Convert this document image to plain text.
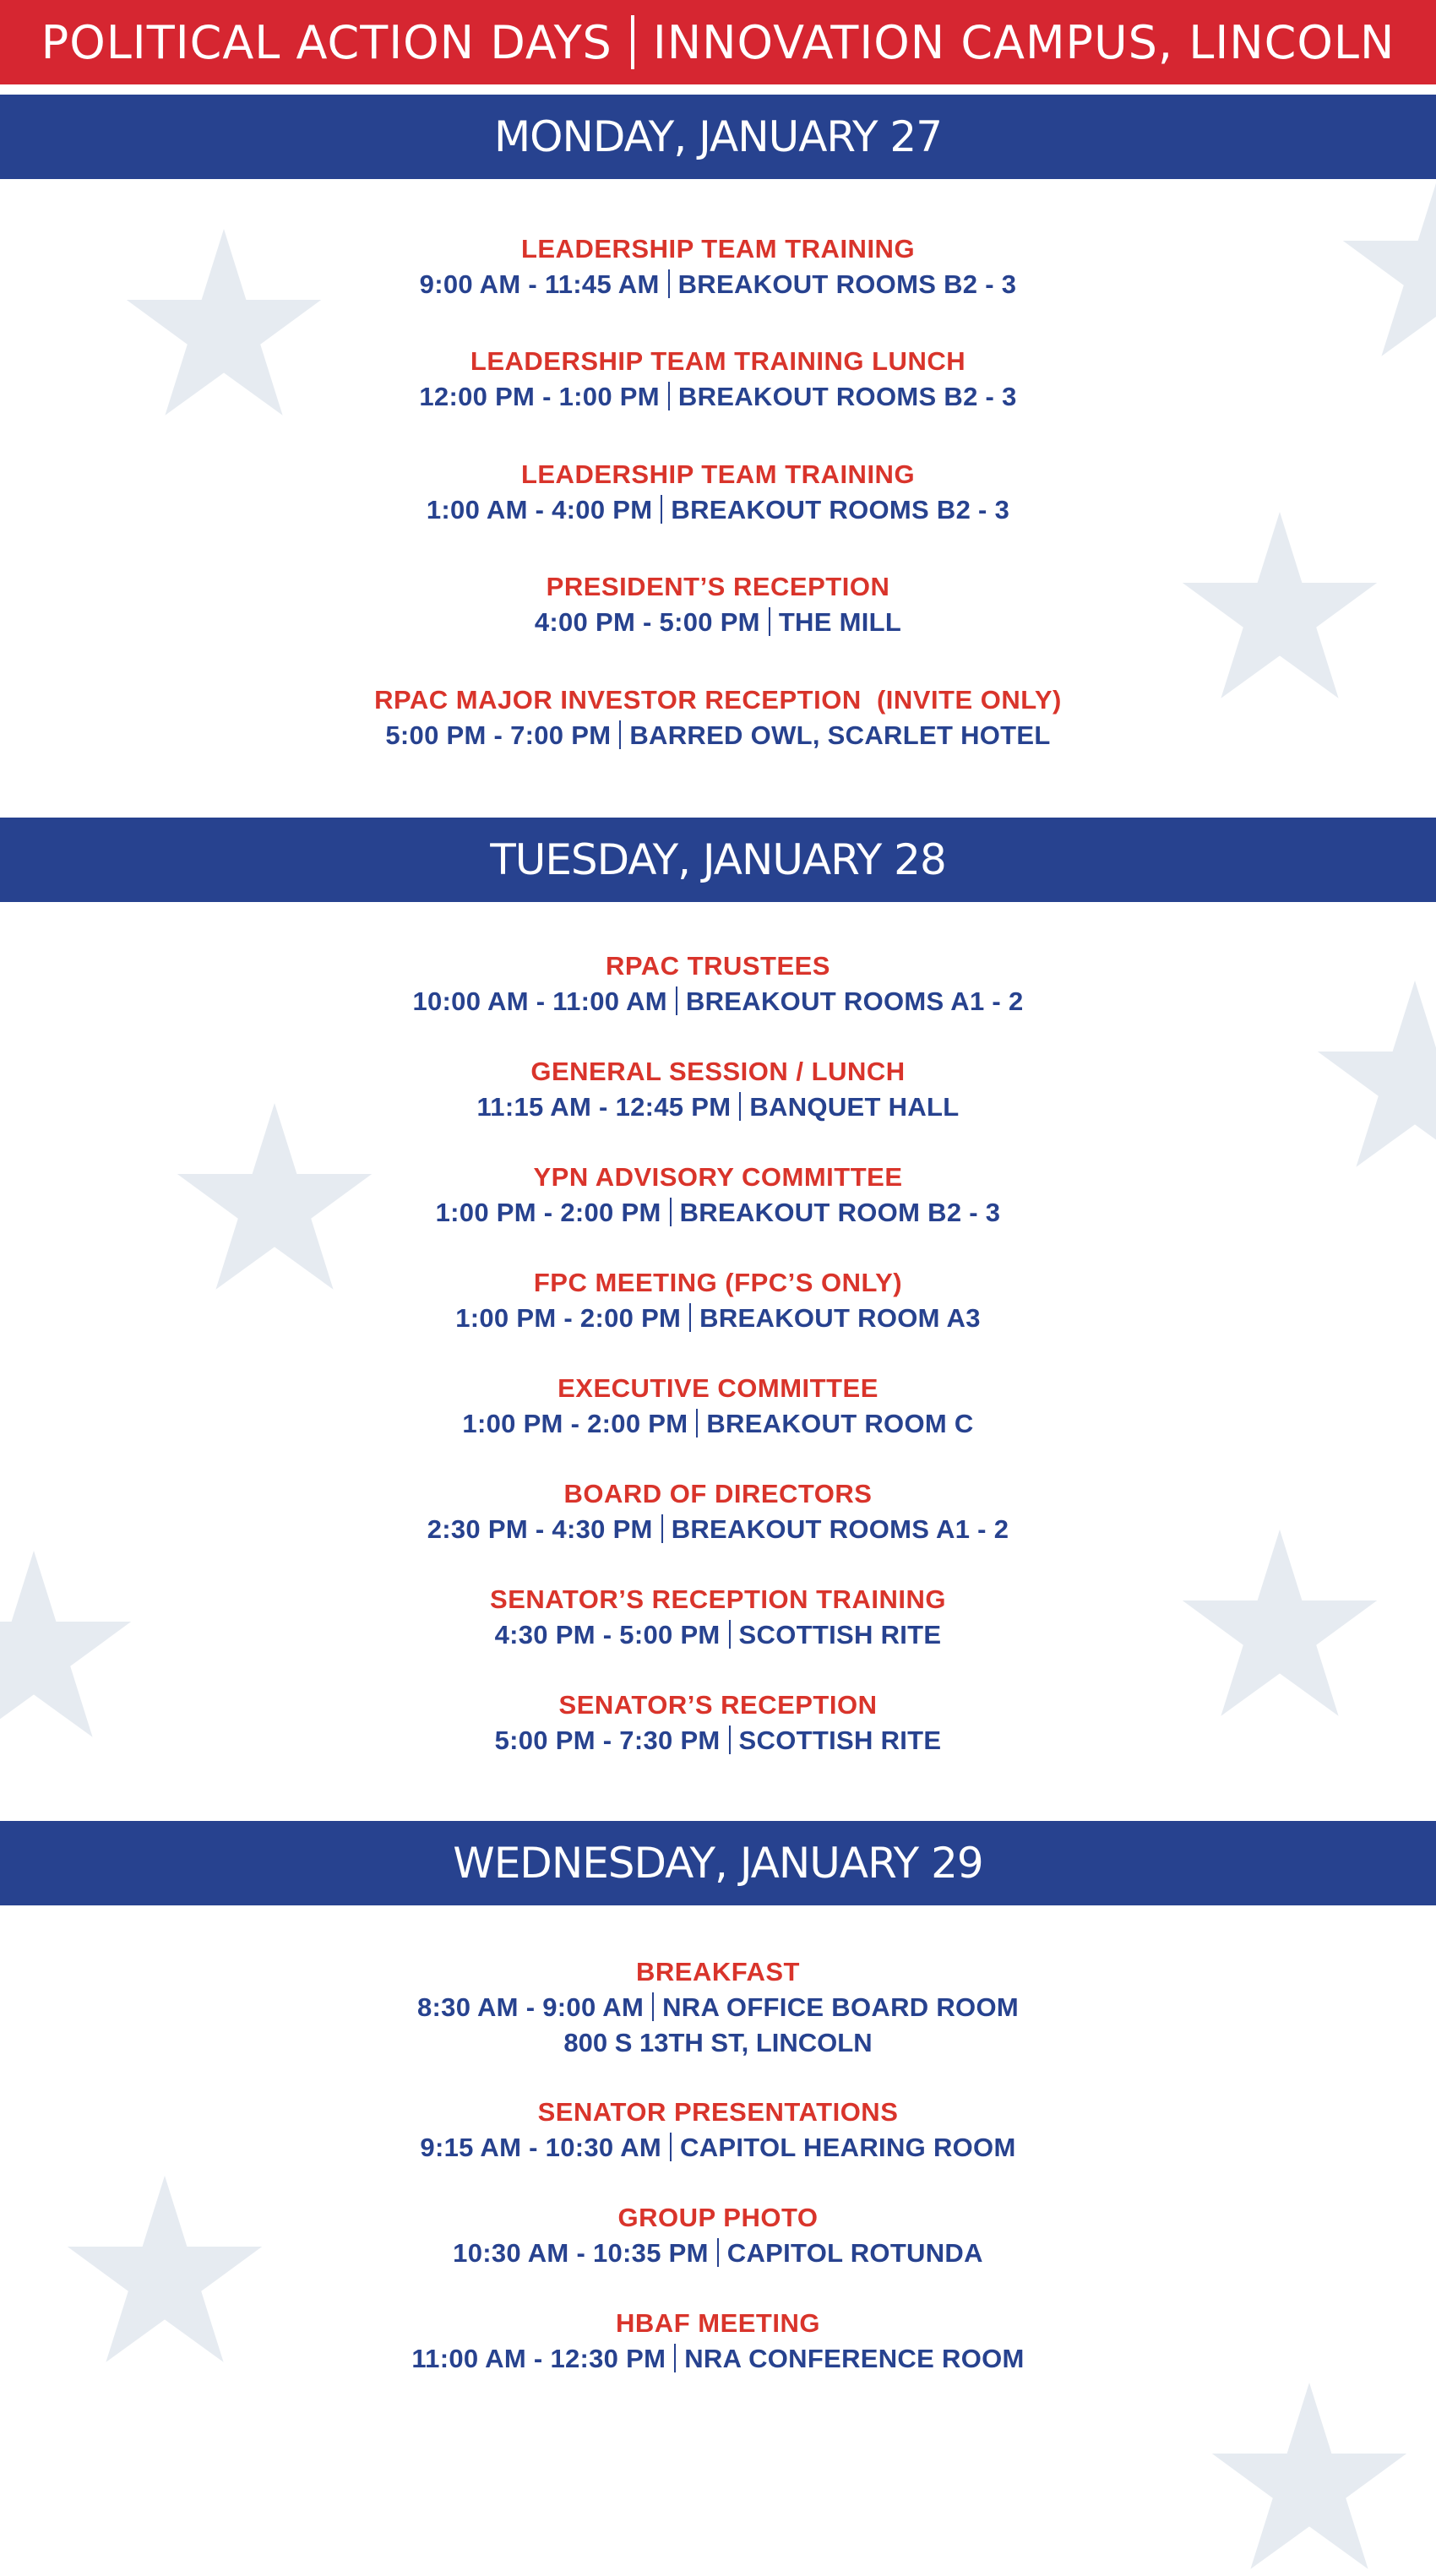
POLITICAL ACTION DAYS INNOVATION CAMPUS, LINCOLN
MONDAY, JANUARY 27
LEADERSHIP TEAM TRAINING
9:00 AM - 11:45 AM BREAKOUT ROOMS B2 - 3
LEADERSHIP TEAM TRAINING LUNCH
12:00 PM - 1:00 PM BREAKOUT ROOMS B2 - 3
LEADERSHIP TEAM TRAINING
1:00 AM - 4:00 PM BREAKOUT ROOMS B2 - 3
PRESIDENT’S RECEPTION
4:00 PM - 5:00 PM THE MILL
RPAC MAJOR INVESTOR RECEPTION  (INVITE ONLY)
5:00 PM - 7:00 PM BARRED OWL, SCARLET HOTEL
TUESDAY, JANUARY 28
RPAC TRUSTEES
10:00 AM - 11:00 AM BREAKOUT ROOMS A1 - 2
GENERAL SESSION / LUNCH
11:15 AM - 12:45 PM BANQUET HALL
YPN ADVISORY COMMITTEE
1:00 PM - 2:00 PM BREAKOUT ROOM B2 - 3
FPC MEETING (FPC’S ONLY)
1:00 PM - 2:00 PM BREAKOUT ROOM A3
EXECUTIVE COMMITTEE
1:00 PM - 2:00 PM BREAKOUT ROOM C
BOARD OF DIRECTORS
2:30 PM - 4:30 PM BREAKOUT ROOMS A1 - 2
SENATOR’S RECEPTION TRAINING
4:30 PM - 5:00 PM SCOTTISH RITE
SENATOR’S RECEPTION
5:00 PM - 7:30 PM SCOTTISH RITE
WEDNESDAY, JANUARY 29
BREAKFAST
8:30 AM - 9:00 AM NRA OFFICE BOARD ROOM
800 S 13TH ST, LINCOLN
SENATOR PRESENTATIONS
9:15 AM - 10:30 AM CAPITOL HEARING ROOM
GROUP PHOTO
10:30 AM - 10:35 PM CAPITOL ROTUNDA
HBAF MEETING
11:00 AM - 12:30 PM NRA CONFERENCE ROOM
